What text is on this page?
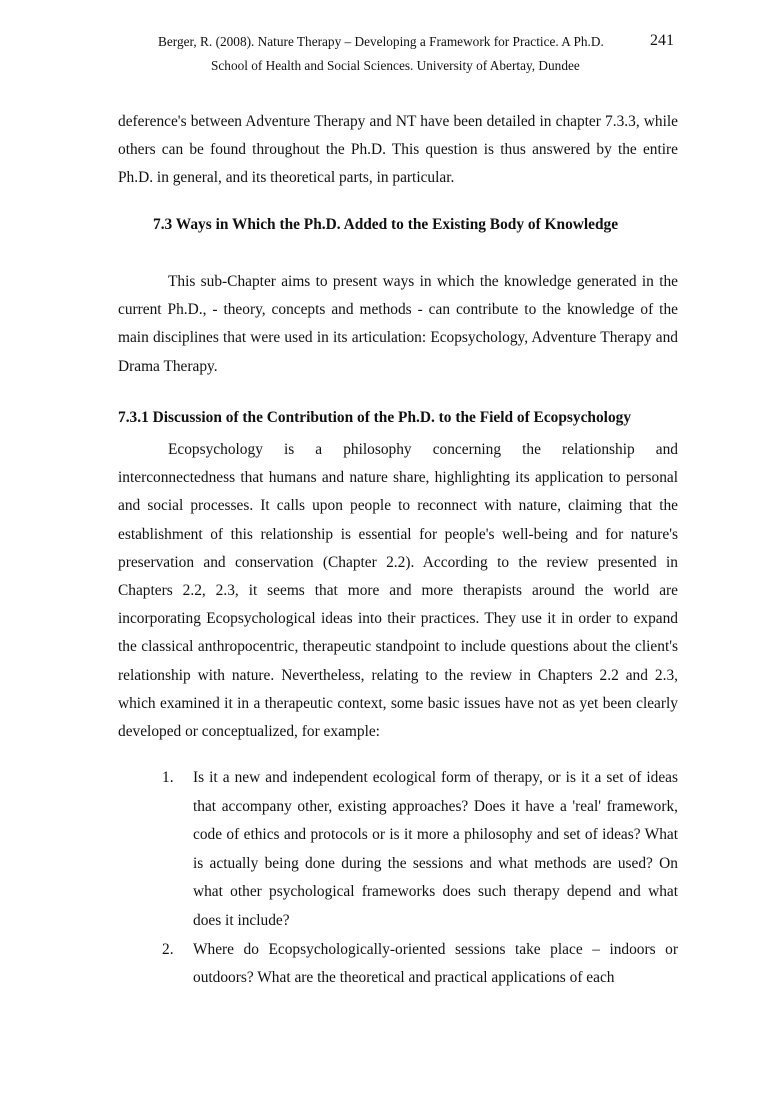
Berger, R. (2008). Nature Therapy – Developing a Framework for Practice. A Ph.D.	241
School of Health and Social Sciences. University of Abertay, Dundee
deference's between Adventure Therapy and NT have been detailed in chapter 7.3.3, while others can be found throughout the Ph.D. This question is thus answered by the entire Ph.D. in general, and its theoretical parts, in particular.
7.3 Ways in Which the Ph.D. Added to the Existing Body of Knowledge
This sub-Chapter aims to present ways in which the knowledge generated in the current Ph.D., - theory, concepts and methods - can contribute to the knowledge of the main disciplines that were used in its articulation: Ecopsychology, Adventure Therapy and Drama Therapy.
7.3.1 Discussion of the Contribution of the Ph.D. to the Field of Ecopsychology
Ecopsychology is a philosophy concerning the relationship and interconnectedness that humans and nature share, highlighting its application to personal and social processes. It calls upon people to reconnect with nature, claiming that the establishment of this relationship is essential for people's well-being and for nature's preservation and conservation (Chapter 2.2). According to the review presented in Chapters 2.2, 2.3, it seems that more and more therapists around the world are incorporating Ecopsychological ideas into their practices. They use it in order to expand the classical anthropocentric, therapeutic standpoint to include questions about the client's relationship with nature. Nevertheless, relating to the review in Chapters 2.2 and 2.3, which examined it in a therapeutic context, some basic issues have not as yet been clearly developed or conceptualized, for example:
1. Is it a new and independent ecological form of therapy, or is it a set of ideas that accompany other, existing approaches? Does it have a 'real' framework, code of ethics and protocols or is it more a philosophy and set of ideas? What is actually being done during the sessions and what methods are used? On what other psychological frameworks does such therapy depend and what does it include?
2. Where do Ecopsychologically-oriented sessions take place – indoors or outdoors? What are the theoretical and practical applications of each
